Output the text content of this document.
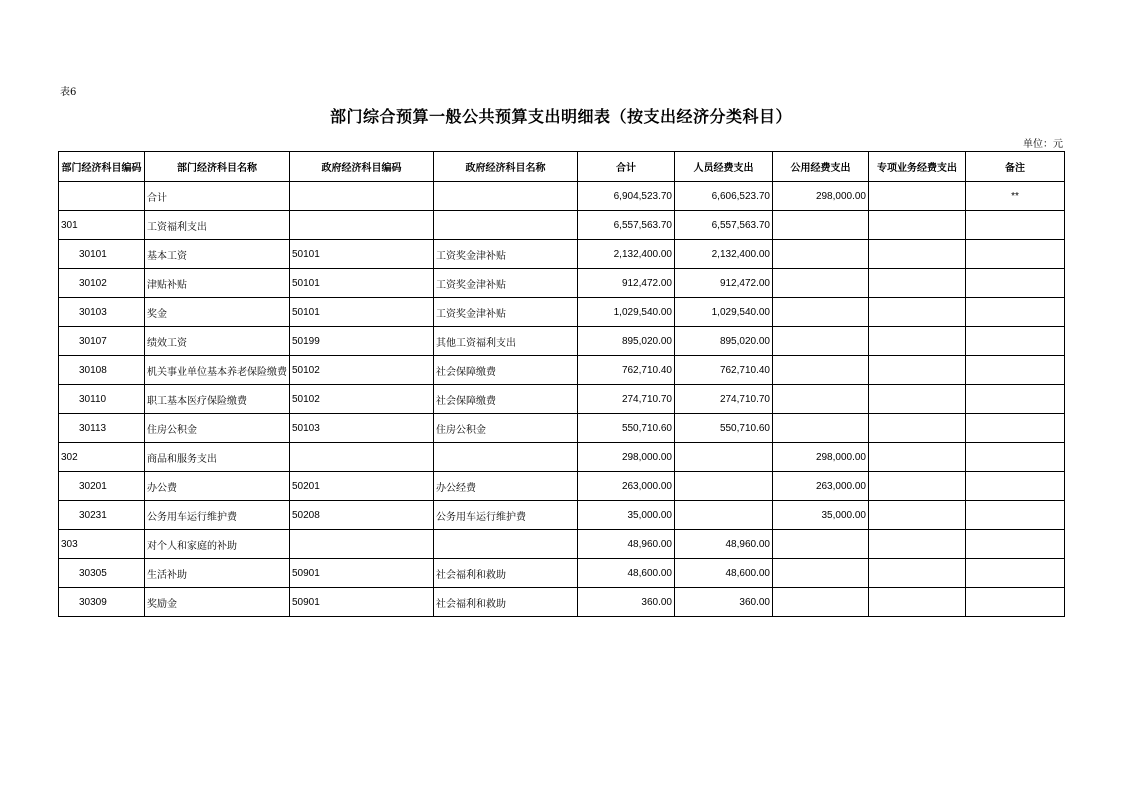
表6
部门综合预算一般公共预算支出明细表（按支出经济分类科目）
单位：元
部门经济科目编码	部门经济科目名称	政府经济科目编码	政府经济科目名称	合计	人员经费支出	公用经费支出	专项业务经费支出	备注
	合计			6,904,523.70	6,606,523.70	298,000.00		**
301	工资福利支出			6,557,563.70	6,557,563.70			
30101	基本工资	50101	工资奖金津补贴	2,132,400.00	2,132,400.00			
30102	津贴补贴	50101	工资奖金津补贴	912,472.00	912,472.00			
30103	奖金	50101	工资奖金津补贴	1,029,540.00	1,029,540.00			
30107	绩效工资	50199	其他工资福利支出	895,020.00	895,020.00			
30108	机关事业单位基本养老保险缴费	50102	社会保障缴费	762,710.40	762,710.40			
30110	职工基本医疗保险缴费	50102	社会保障缴费	274,710.70	274,710.70			
30113	住房公积金	50103	住房公积金	550,710.60	550,710.60			
302	商品和服务支出			298,000.00		298,000.00		
30201	办公费	50201	办公经费	263,000.00		263,000.00		
30231	公务用车运行维护费	50208	公务用车运行维护费	35,000.00		35,000.00		
303	对个人和家庭的补助			48,960.00	48,960.00			
30305	生活补助	50901	社会福利和救助	48,600.00	48,600.00			
30309	奖励金	50901	社会福利和救助	360.00	360.00			
